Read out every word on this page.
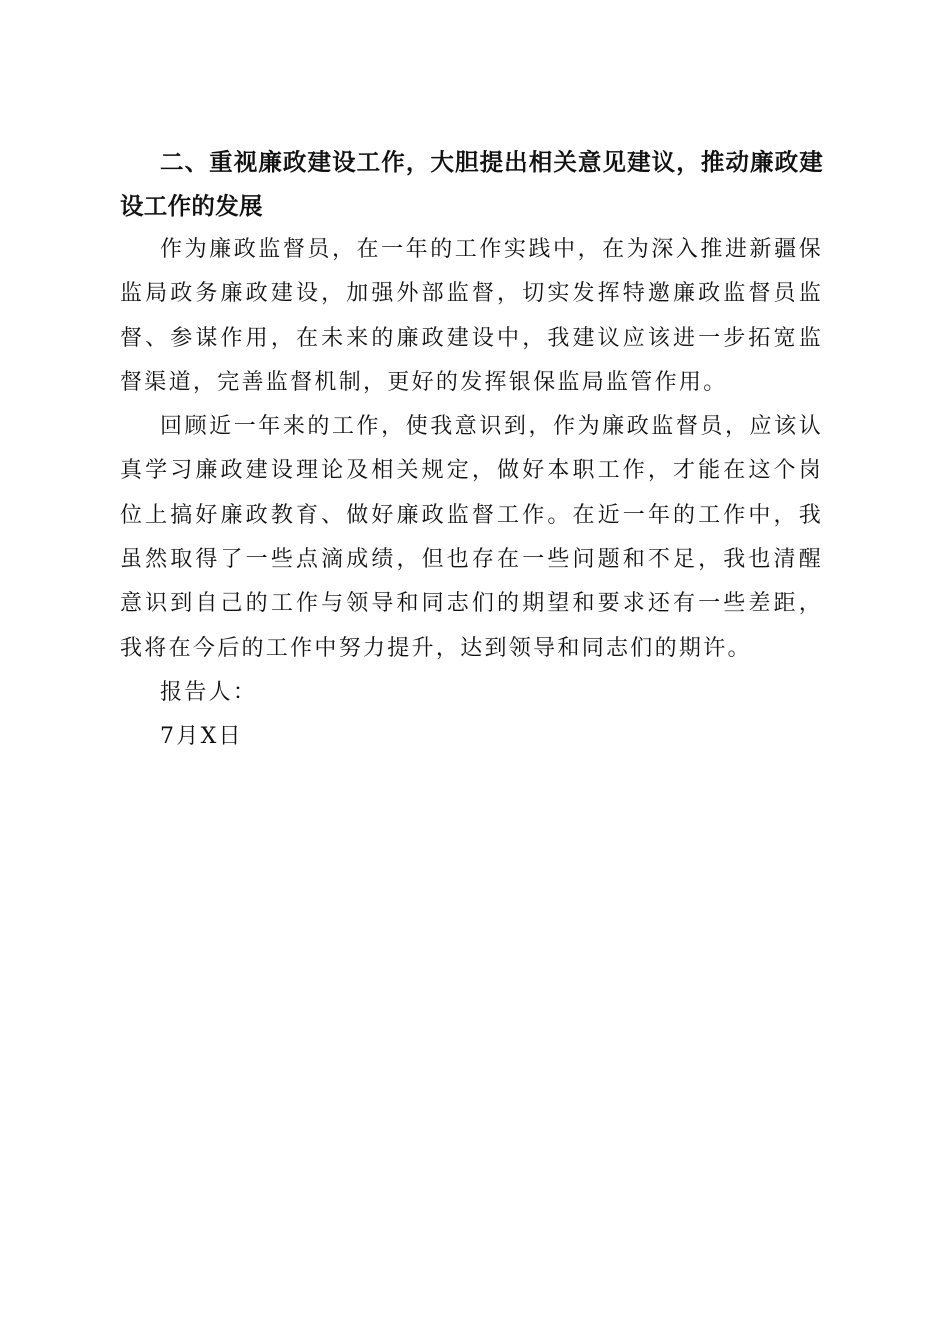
二、重视廉政建设工作，大胆提出相关意见建议，推动廉政建设工作的发展

作为廉政监督员，在一年的工作实践中，在为深入推进新疆保监局政务廉政建设，加强外部监督，切实发挥特邀廉政监督员监督、参谋作用，在未来的廉政建设中，我建议应该进一步拓宽监督渠道，完善监督机制，更好的发挥银保监局监管作用。

回顾近一年来的工作，使我意识到，作为廉政监督员，应该认真学习廉政建设理论及相关规定，做好本职工作，才能在这个岗位上搞好廉政教育、做好廉政监督工作。在近一年的工作中，我虽然取得了一些点滴成绩，但也存在一些问题和不足，我也清醒意识到自己的工作与领导和同志们的期望和要求还有一些差距，我将在今后的工作中努力提升，达到领导和同志们的期许。

报告人：

7月X日
